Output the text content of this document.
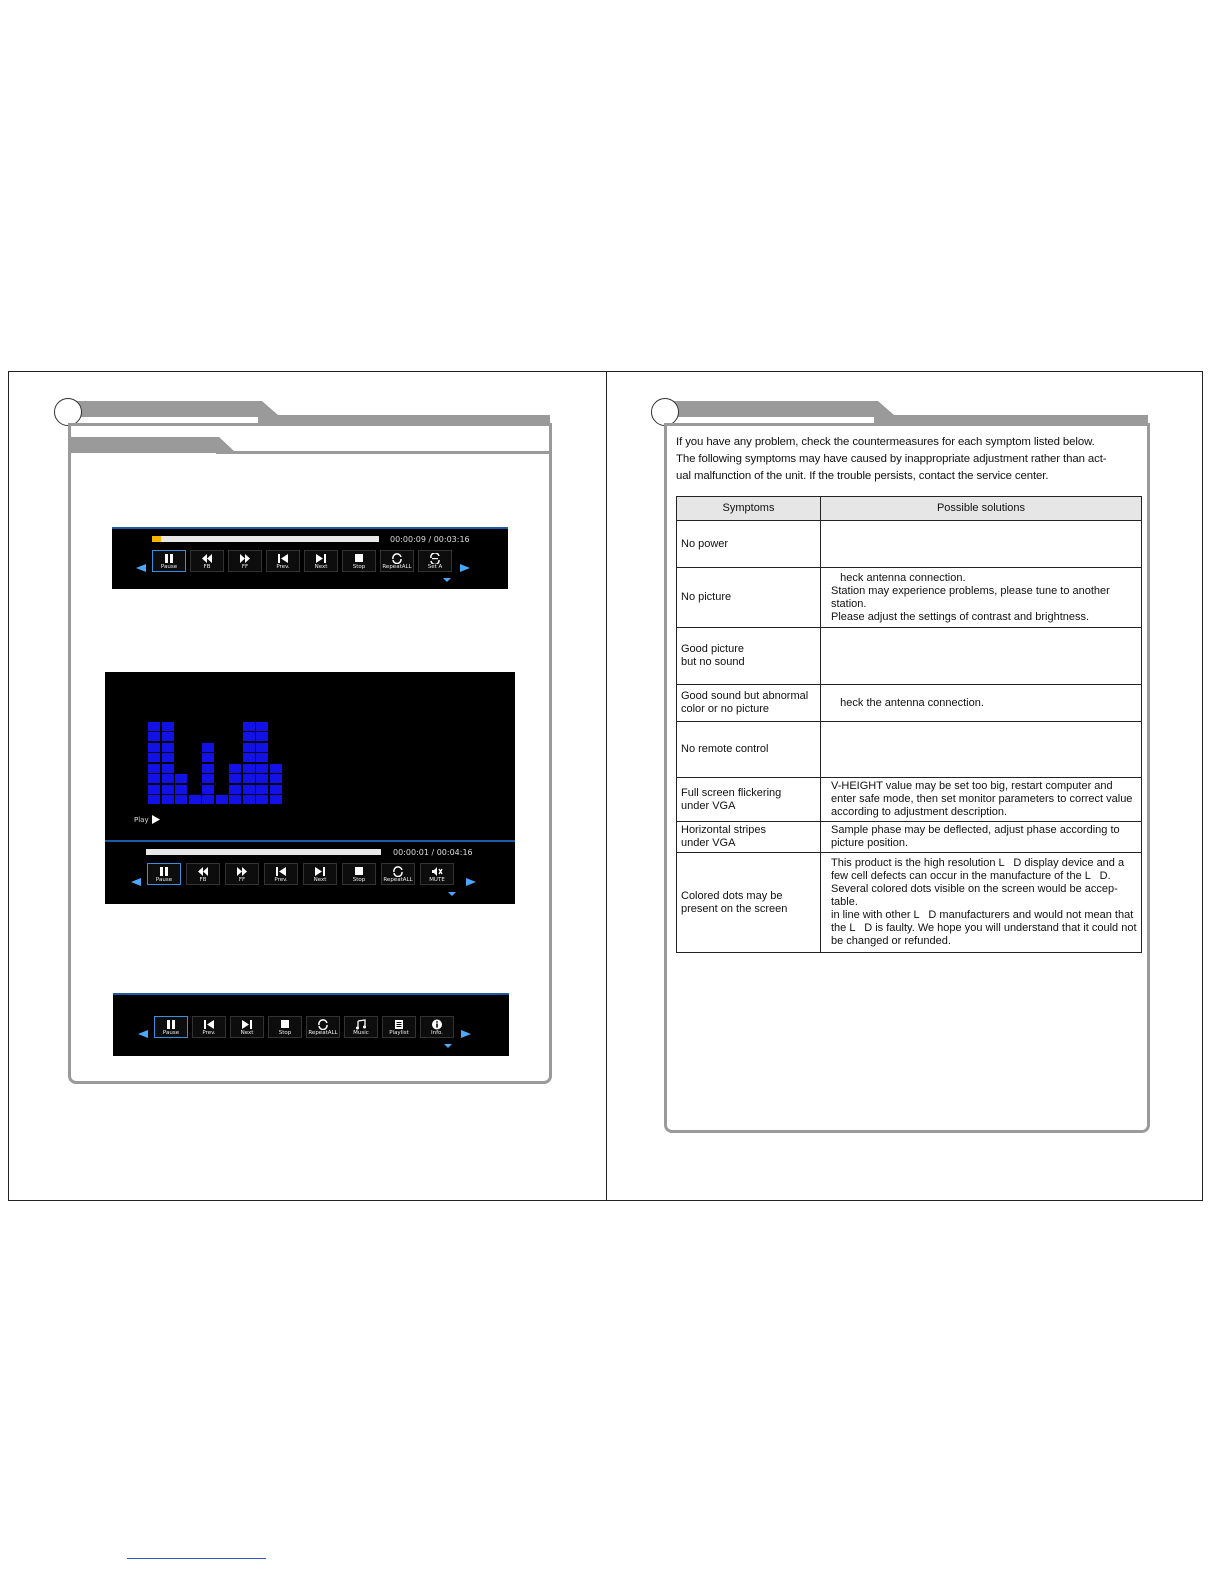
00:00:09 / 00:03:16
Pause	FB	FF	Prev.	Next	Stop	RepeatALL	Set A
Play
00:00:01 / 00:04:16
Pause	FB	FF	Prev.	Next	Stop	RepeatALL	MUTE
Pause	Prev.	Next	Stop	RepeatALL	Music	Playlist	Info.

If you have any problem, check the countermeasures for each symptom listed below.

The following symptoms may have caused by inappropriate adjustment rather than act-

ual malfunction of the unit. If the trouble persists, contact the service center.

Symptoms	Possible solutions
No power	
No picture	heck antenna connection.
Station may experience problems, please tune to another station.
Please adjust the settings of contrast and brightness.
Good picture
but no sound	
Good sound but abnormal color or no picture	heck the antenna connection.
No remote control	
Full screen flickering
under VGA	V-HEIGHT value may be set too big, restart computer and enter safe mode, then set monitor parameters to correct value according to adjustment description.
Horizontal stripes
under VGA	Sample phase may be deflected, adjust phase according to picture position.
Colored dots may be
present on the screen	This product is the high resolution L   D display device and a few cell defects can occur in the manufacture of the L   D. Several colored dots visible on the screen would be accep-table.
in line with other L   D manufacturers and would not mean that the L   D is faulty. We hope you will understand that it could not be changed or refunded.
